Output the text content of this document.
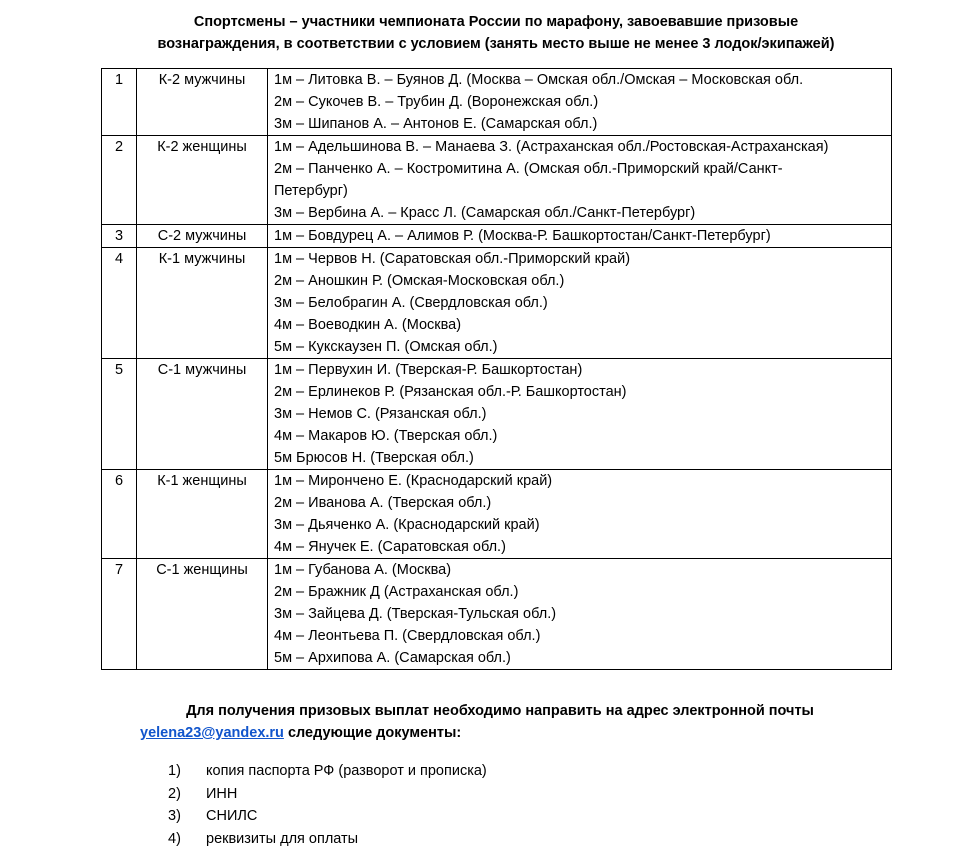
Спортсмены – участники чемпионата России по марафону, завоевавшие призовые
вознаграждения, в соответствии с условием (занять место выше не менее 3 лодок/экипажей)
1	К-2 мужчины	1м – Литовка В. – Буянов Д. (Москва – Омская обл./Омская – Московская обл.
2м – Сукочев В. – Трубин Д. (Воронежская обл.)
3м – Шипанов А. – Антонов Е. (Самарская обл.)

2	К-2 женщины	1м – Адельшинова В. – Манаева З. (Астраханская обл./Ростовская-Астраханская)
2м – Панченко А. – Костромитина А. (Омская обл.-Приморский край/Санкт-
Петербург)
3м – Вербина А. – Красс Л. (Самарская обл./Санкт-Петербург)

3	С-2 мужчины	1м – Бовдурец А. – Алимов Р. (Москва-Р. Башкортостан/Санкт-Петербург)

4	К-1 мужчины	1м – Червов Н. (Саратовская обл.-Приморский край)
2м – Аношкин Р. (Омская-Московская обл.)
3м – Белобрагин А. (Свердловская обл.)
4м – Воеводкин А. (Москва)
5м – Кукскаузен П. (Омская обл.)

5	С-1 мужчины	1м – Первухин И. (Тверская-Р. Башкортостан)
2м – Ерлинеков Р. (Рязанская обл.-Р. Башкортостан)
3м – Немов С. (Рязанская обл.)
4м – Макаров Ю. (Тверская обл.)
5м Брюсов Н. (Тверская обл.)

6	К-1 женщины	1м – Мирончено Е. (Краснодарский край)
2м – Иванова А. (Тверская обл.)
3м – Дьяченко А. (Краснодарский край)
4м – Янучек Е. (Саратовская обл.)

7	С-1 женщины	1м – Губанова А. (Москва)
2м – Бражник Д (Астраханская обл.)
3м – Зайцева Д. (Тверская-Тульская обл.)
4м – Леонтьева П. (Свердловская обл.)
5м – Архипова А. (Самарская обл.)
Для получения призовых выплат необходимо направить на адрес электронной почты
yelena23@yandex.ru следующие документы:
1)	копия паспорта РФ (разворот и прописка)
2)	ИНН
3)	СНИЛС
4)	реквизиты для оплаты
